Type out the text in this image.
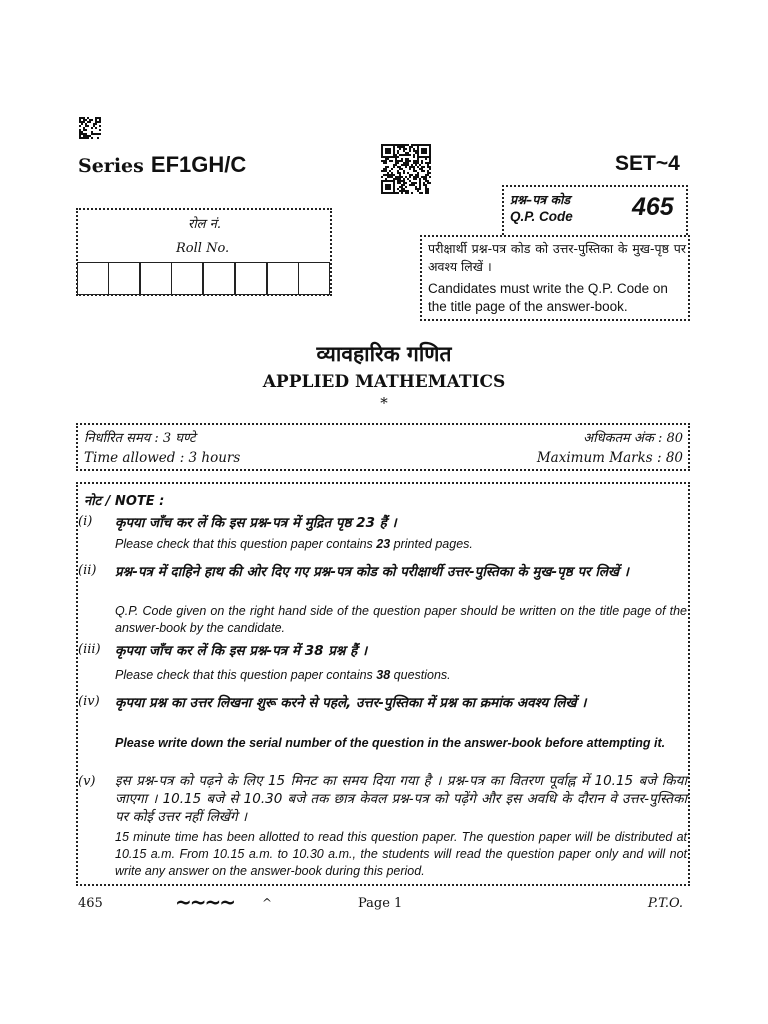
Series EF1GH/C	SET~4
प्रश्न–पत्र कोड
Q.P. Code 465
रोल नं.
Roll No.	परीक्षार्थी प्रश्न-पत्र कोड को उत्तर-पुस्तिका के मुख-पृष्ठ पर अवश्य लिखें ।
Candidates must write the Q.P. Code on the title page of the answer-book.
व्यावहारिक गणित
APPLIED MATHEMATICS
*
निर्धारित समय : 3 घण्टे
Time allowed : 3 hours
अधिकतम अंक : 80
Maximum Marks : 80
नोट / NOTE :
(i) कृपया जाँच कर लें कि इस प्रश्न-पत्र में मुद्रित पृष्ठ 23 हैं ।
Please check that this question paper contains 23 printed pages.
(ii) प्रश्न-पत्र में दाहिने हाथ की ओर दिए गए प्रश्न-पत्र कोड को परीक्षार्थी उत्तर-पुस्तिका के मुख-पृष्ठ पर लिखें ।
Q.P. Code given on the right hand side of the question paper should be written on the title page of the answer-book by the candidate.
(iii) कृपया जाँच कर लें कि इस प्रश्न-पत्र में 38 प्रश्न हैं ।
Please check that this question paper contains 38 questions.
(iv) कृपया प्रश्न का उत्तर लिखना शुरू करने से पहले, उत्तर-पुस्तिका में प्रश्न का क्रमांक अवश्य लिखें ।
Please write down the serial number of the question in the answer-book before attempting it.
(v) इस प्रश्न-पत्र को पढ़ने के लिए 15 मिनट का समय दिया गया है । प्रश्न-पत्र का वितरण पूर्वाह्न में 10.15 बजे किया जाएगा । 10.15 बजे से 10.30 बजे तक छात्र केवल प्रश्न-पत्र को पढ़ेंगे और इस अवधि के दौरान वे उत्तर-पुस्तिका पर कोई उत्तर नहीं लिखेंगे ।
15 minute time has been allotted to read this question paper. The question paper will be distributed at 10.15 a.m. From 10.15 a.m. to 10.30 a.m., the students will read the question paper only and will not write any answer on the answer-book during this period.
465	~~~~ ^	Page 1	P.T.O.
